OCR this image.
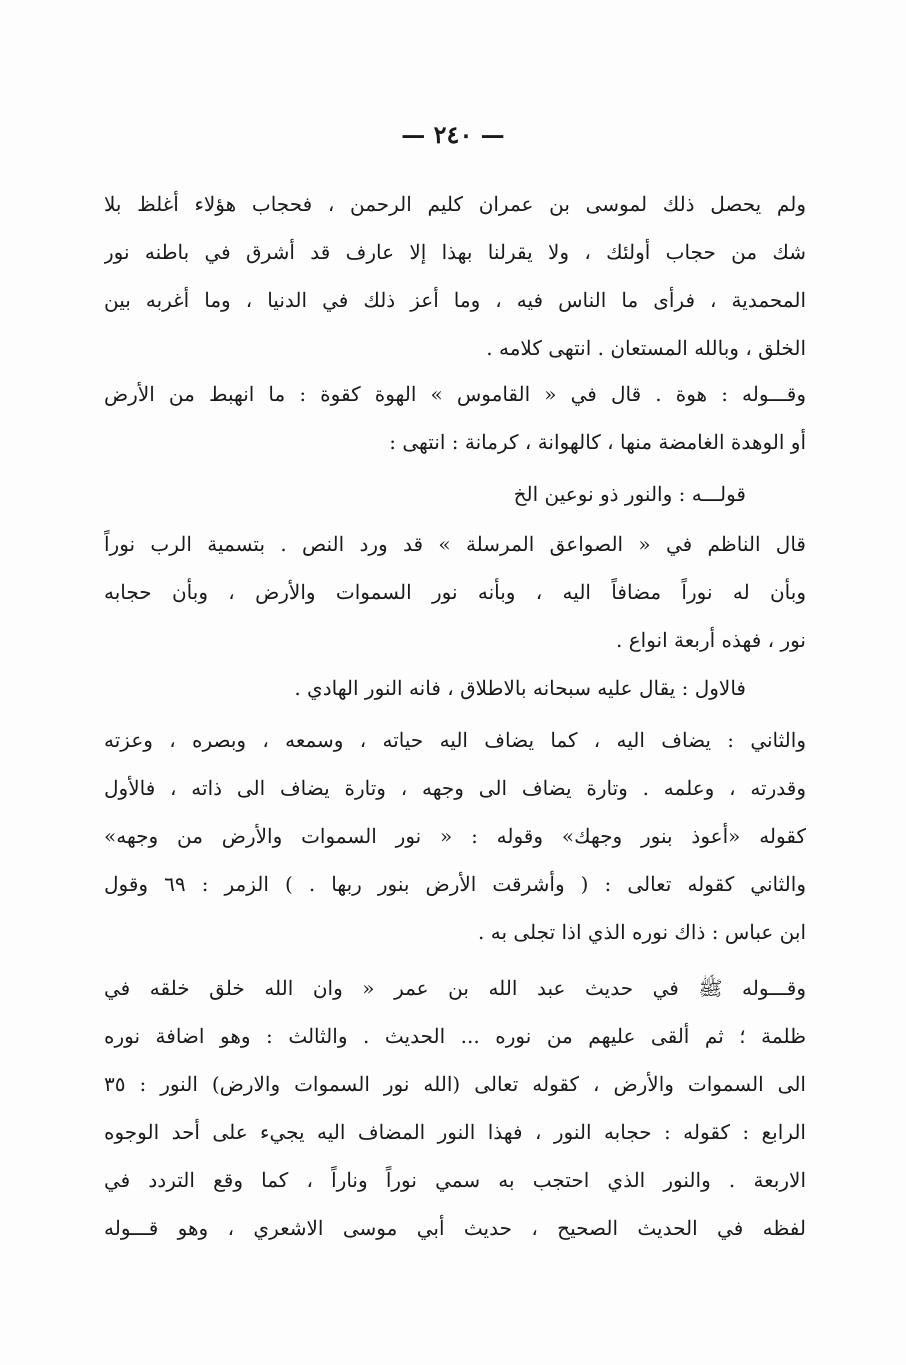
— ٢٤٠ —
ولم يحصل ذلك لموسى بن عمران كليم الرحمن ، فحجاب هؤلاء أغلظ بلا
شك من حجاب أولئك ، ولا يقرلنا بهذا إلا عارف قد أشرق في باطنه نور
المحمدية ، فرأى ما الناس فيه ، وما أعز ذلك في الدنيا ، وما أغربه بين
الخلق ، وبالله المستعان . انتهى كلامه .
وقـــوله : هوة . قال في « القاموس » الهوة كقوة : ما انهبط من الأرض
أو الوهدة الغامضة منها ، كالهوانة ، كرمانة : انتهى :
قولـــه : والنور ذو نوعين الخ
قال الناظم في « الصواعق المرسلة » قد ورد النص . بتسمية الرب نوراً
وبأن له نوراً مضافاً اليه ، وبأنه نور السموات والأرض ، وبأن حجابه
نور ، فهذه أربعة انواع .
فالاول : يقال عليه سبحانه بالاطلاق ، فانه النور الهادي .
والثاني : يضاف اليه ، كما يضاف اليه حياته ، وسمعه ، وبصره ، وعزته
وقدرته ، وعلمه . وتارة يضاف الى وجهه ، وتارة يضاف الى ذاته ، فالأول
كقوله «أعوذ بنور وجهك» وقوله : « نور السموات والأرض من وجهه»
والثاني كقوله تعالى : ( وأشرقت الأرض بنور ربها . ) الزمر : ٦٩ وقول
ابن عباس : ذاك نوره الذي اذا تجلى به .
وقـــوله ﷺ في حديث عبد الله بن عمر « وان الله خلق خلقه في
ظلمة ؛ ثم ألقى عليهم من نوره ... الحديث . والثالث : وهو اضافة نوره
الى السموات والأرض ، كقوله تعالى (الله نور السموات والارض) النور : ٣٥
الرابع : كقوله : حجابه النور ، فهذا النور المضاف اليه يجيء على أحد الوجوه
الاربعة . والنور الذي احتجب به سمي نوراً وناراً ، كما وقع التردد في
لفظه في الحديث الصحيح ، حديث أبي موسى الاشعري ، وهو قـــوله
